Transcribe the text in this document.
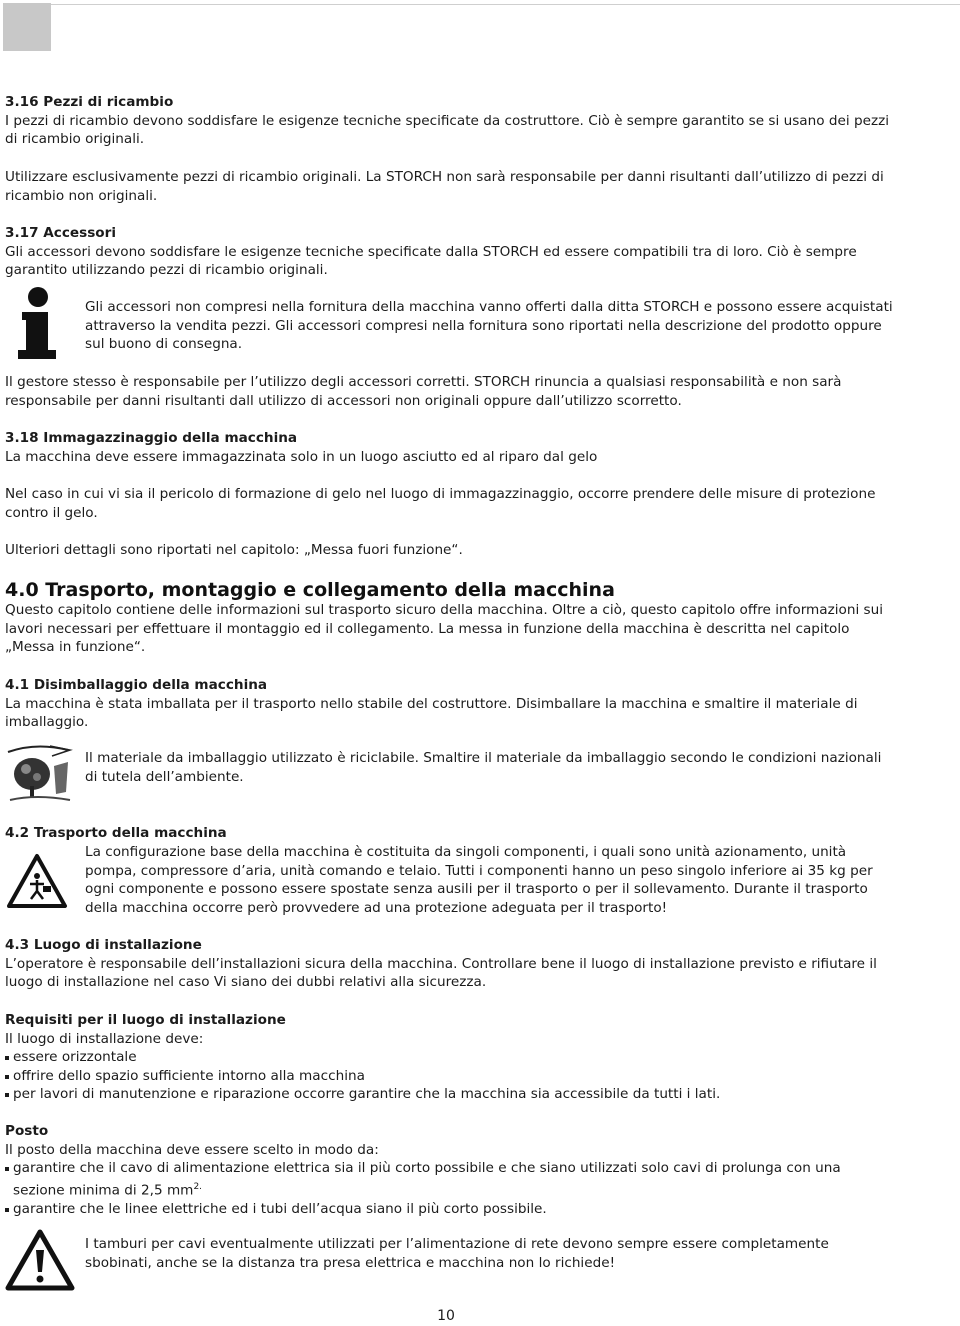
3.16 Pezzi di ricambio

I pezzi di ricambio devono soddisfare le esigenze tecniche specificate da costruttore. Ciò è sempre garantito se si usano dei pezzi di ricambio originali.

Utilizzare esclusivamente pezzi di ricambio originali. La STORCH non sarà responsabile per danni risultanti dall’utilizzo di pezzi di ricambio non originali.

3.17 Accessori

Gli accessori devono soddisfare le esigenze tecniche specificate dalla STORCH ed essere compatibili tra di loro. Ciò è sempre garantito utilizzando pezzi di ricambio originali.

Gli accessori non compresi nella fornitura della macchina vanno offerti dalla ditta STORCH e possono essere acquistati attraverso la vendita pezzi. Gli accessori compresi nella fornitura sono riportati nella descrizione del prodotto oppure sul buono di consegna.

Il gestore stesso è responsabile per l’utilizzo degli accessori corretti. STORCH rinuncia a qualsiasi responsabilità e non sarà responsabile per danni risultanti dall utilizzo di accessori non originali oppure dall’utilizzo scorretto.

3.18 Immagazzinaggio della macchina

La macchina deve essere immagazzinata solo in un luogo asciutto ed al riparo dal gelo

Nel caso in cui vi sia il pericolo di formazione di gelo nel luogo di immagazzinaggio, occorre prendere delle misure di protezione contro il gelo.

Ulteriori dettagli sono riportati nel capitolo: „Messa fuori funzione“.

4.0 Trasporto, montaggio e collegamento della macchina

Questo capitolo contiene delle informazioni sul trasporto sicuro della macchina. Oltre a ciò, questo capitolo offre informazioni sui lavori necessari per effettuare il montaggio ed il collegamento. La messa in funzione della macchina è descritta nel capitolo „Messa in funzione“.

4.1 Disimballaggio della macchina

La macchina è stata imballata per il trasporto nello stabile del costruttore. Disimballare la macchina e smaltire il materiale di imballaggio.

Il materiale da imballaggio utilizzato è riciclabile. Smaltire il materiale da imballaggio secondo le condizioni nazionali di tutela dell’ambiente.

4.2 Trasporto della macchina

La configurazione base della macchina è costituita da singoli componenti, i quali sono unità azionamento, unità pompa, compressore d’aria, unità comando e telaio. Tutti i componenti hanno un peso singolo inferiore ai 35 kg per ogni componente e possono essere spostate senza ausili per il trasporto o per il sollevamento. Durante il trasporto della macchina occorre però provvedere ad una protezione adeguata per il trasporto!

4.3 Luogo di installazione

L’operatore è responsabile dell’installazioni sicura della macchina. Controllare bene il luogo di installazione previsto e rifiutare il luogo di installazione nel caso Vi siano dei dubbi relativi alla sicurezza.

Requisiti per il luogo di installazione

Il luogo di installazione deve:

essere orizzontale
offrire dello spazio sufficiente intorno alla macchina
per lavori di manutenzione e riparazione occorre garantire che la macchina sia accessibile da tutti i lati.

Posto

Il posto della macchina deve essere scelto in modo da:

garantire che il cavo di alimentazione elettrica sia il più corto possibile e che siano utilizzati solo cavi di prolunga con una sezione minima di 2,5 $mm^{2.}$
garantire che le linee elettriche ed i tubi dell’acqua siano il più corto possibile.

I tamburi per cavi eventualmente utilizzati per l’alimentazione di rete devono sempre essere completamente sbobinati, anche se la distanza tra presa elettrica e macchina non lo richiede!

10
